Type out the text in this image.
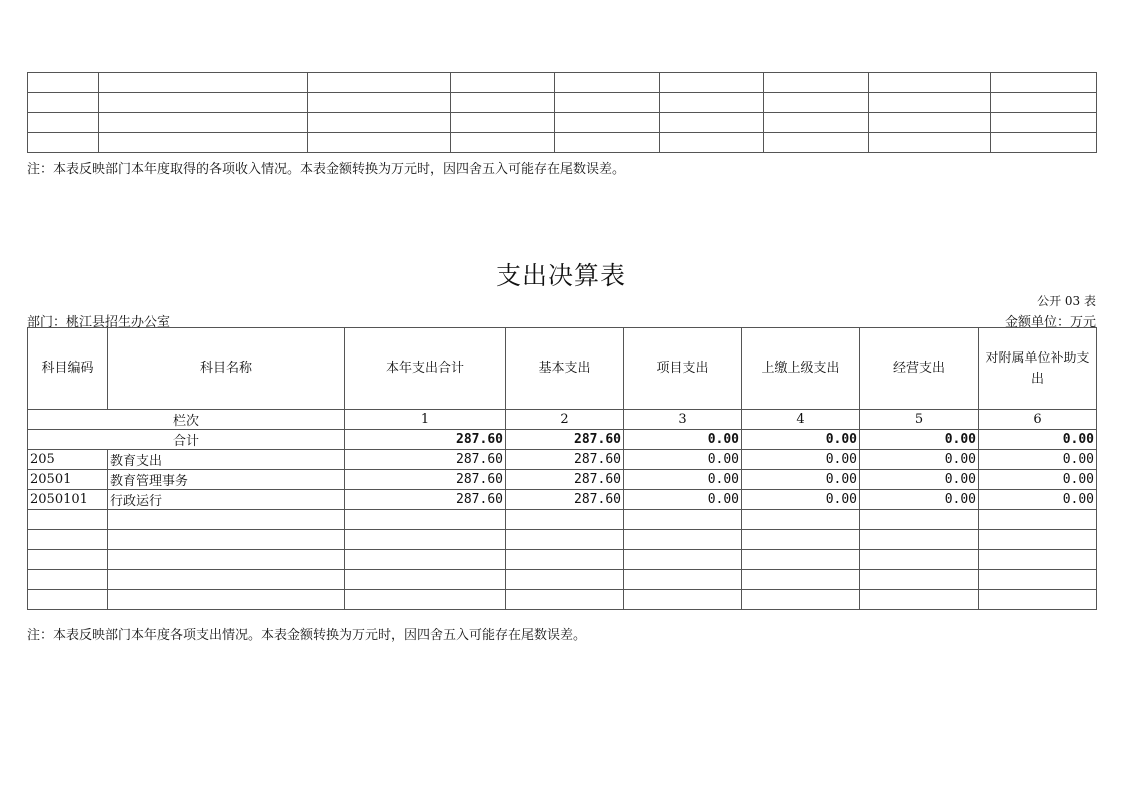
注：本表反映部门本年度取得的各项收入情况。本表金额转换为万元时，因四舍五入可能存在尾数误差。
支出决算表
公开 03 表
部门：桃江县招生办公室	金额单位：万元
科目编码	科目名称	本年支出合计	基本支出	项目支出	上缴上级支出	经营支出	对附属单位补助支出
栏次		1	2	3	4	5	6
合计		287.60	287.60	0.00	0.00	0.00	0.00
205	教育支出	287.60	287.60	0.00	0.00	0.00	0.00
20501	教育管理事务	287.60	287.60	0.00	0.00	0.00	0.00
2050101	行政运行	287.60	287.60	0.00	0.00	0.00	0.00

注：本表反映部门本年度各项支出情况。本表金额转换为万元时，因四舍五入可能存在尾数误差。
